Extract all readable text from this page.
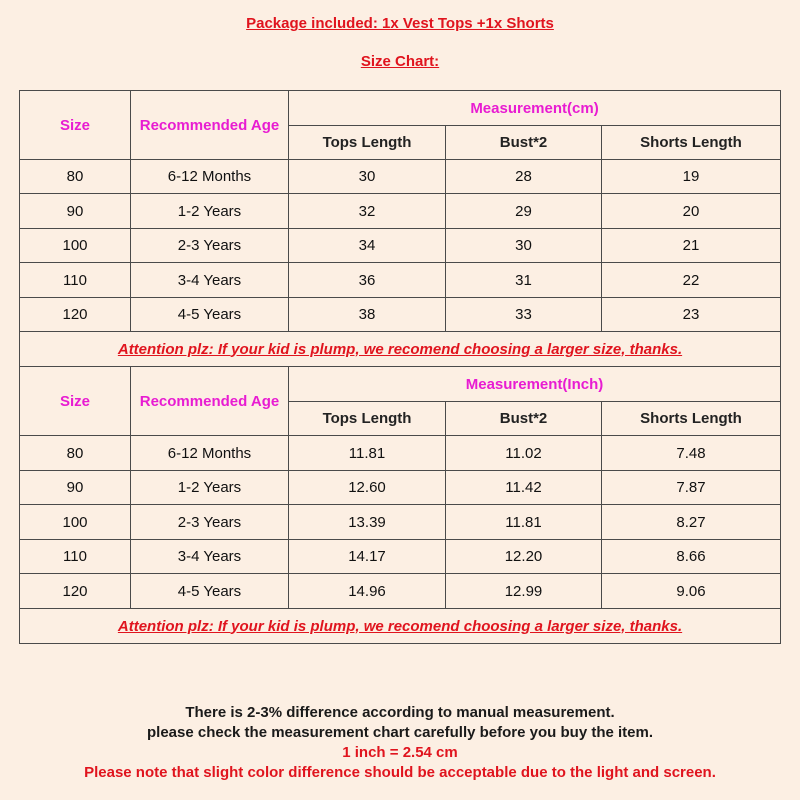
Package included: 1x Vest Tops +1x Shorts
Size Chart:
Size	Recommended Age	Measurement(cm)		
		Tops Length	Bust*2	Shorts Length
80	6-12 Months	30	28	19
90	1-2 Years	32	29	20
100	2-3 Years	34	30	21
110	3-4 Years	36	31	22
120	4-5 Years	38	33	23
Attention plz: If your kid is plump, we recomend choosing a larger size, thanks.				
Size	Recommended Age	Measurement(Inch)		
		Tops Length	Bust*2	Shorts Length
80	6-12 Months	11.81	11.02	7.48
90	1-2 Years	12.60	11.42	7.87
100	2-3 Years	13.39	11.81	8.27
110	3-4 Years	14.17	12.20	8.66
120	4-5 Years	14.96	12.99	9.06
Attention plz: If your kid is plump, we recomend choosing a larger size, thanks.				
There is 2-3% difference according to manual measurement.
please check the measurement chart carefully before you buy the item.
1 inch = 2.54 cm
Please note that slight color difference should be acceptable due to the light and screen.
